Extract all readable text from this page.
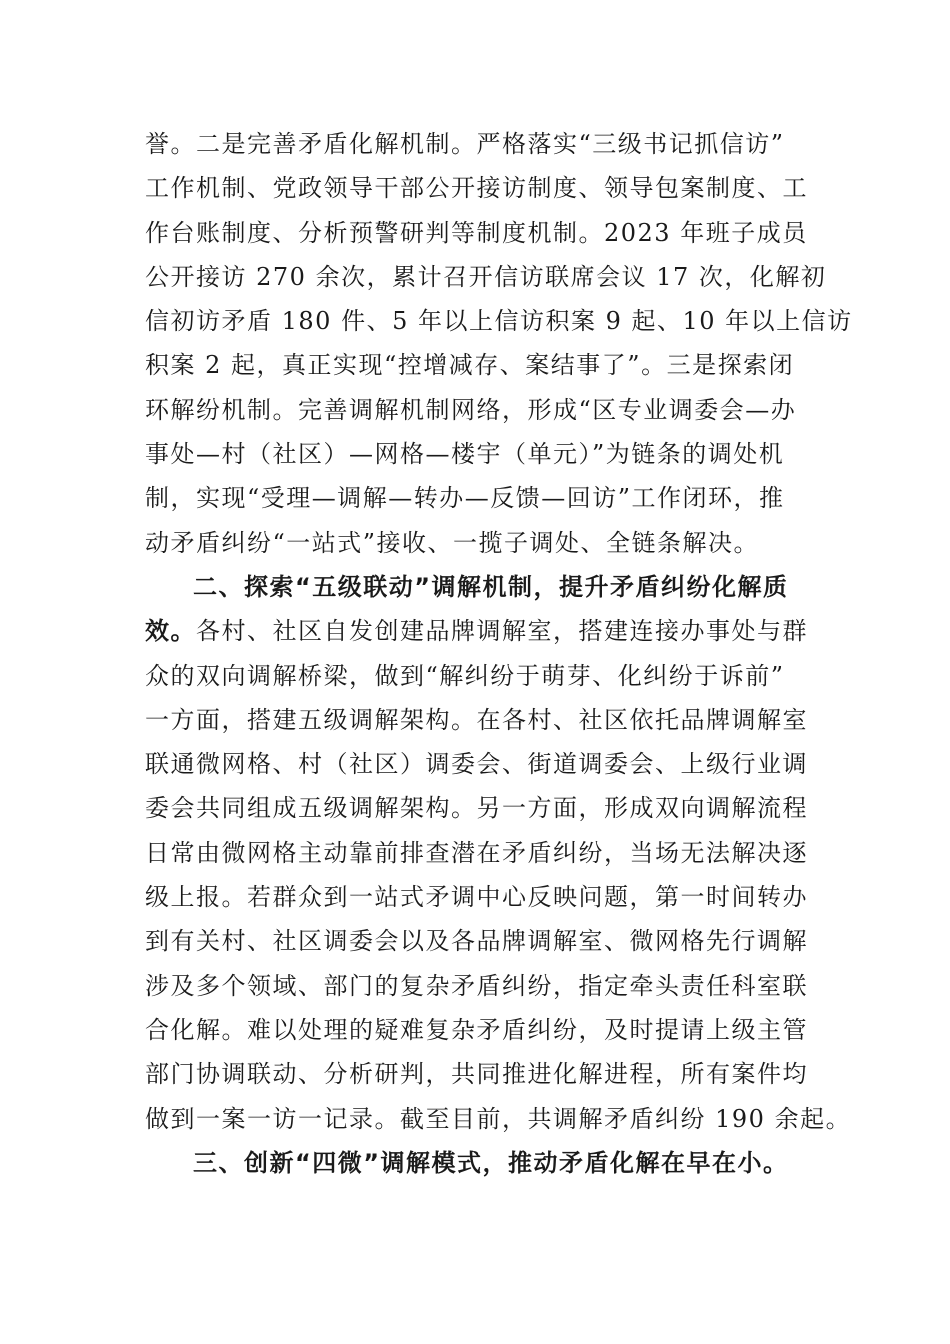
誉。二是完善矛盾化解机制。严格落实“三级书记抓信访”
工作机制、党政领导干部公开接访制度、领导包案制度、工
作台账制度、分析预警研判等制度机制。2023 年班子成员
公开接访 270 余次，累计召开信访联席会议 17 次，化解初
信初访矛盾 180 件、5 年以上信访积案 9 起、10 年以上信访
积案 2 起，真正实现“控增减存、案结事了”。三是探索闭
环解纷机制。完善调解机制网络，形成“区专业调委会—办
事处—村（社区）—网格—楼宇（单元）”为链条的调处机
制，实现“受理—调解—转办—反馈—回访”工作闭环，推
动矛盾纠纷“一站式”接收、一揽子调处、全链条解决。
二、探索“五级联动”调解机制，提升矛盾纠纷化解质
效。各村、社区自发创建品牌调解室，搭建连接办事处与群
众的双向调解桥梁，做到“解纠纷于萌芽、化纠纷于诉前”
一方面，搭建五级调解架构。在各村、社区依托品牌调解室
联通微网格、村（社区）调委会、街道调委会、上级行业调
委会共同组成五级调解架构。另一方面，形成双向调解流程
日常由微网格主动靠前排查潜在矛盾纠纷，当场无法解决逐
级上报。若群众到一站式矛调中心反映问题，第一时间转办
到有关村、社区调委会以及各品牌调解室、微网格先行调解
涉及多个领域、部门的复杂矛盾纠纷，指定牵头责任科室联
合化解。难以处理的疑难复杂矛盾纠纷，及时提请上级主管
部门协调联动、分析研判，共同推进化解进程，所有案件均
做到一案一访一记录。截至目前，共调解矛盾纠纷 190 余起。
三、创新“四微”调解模式，推动矛盾化解在早在小。
